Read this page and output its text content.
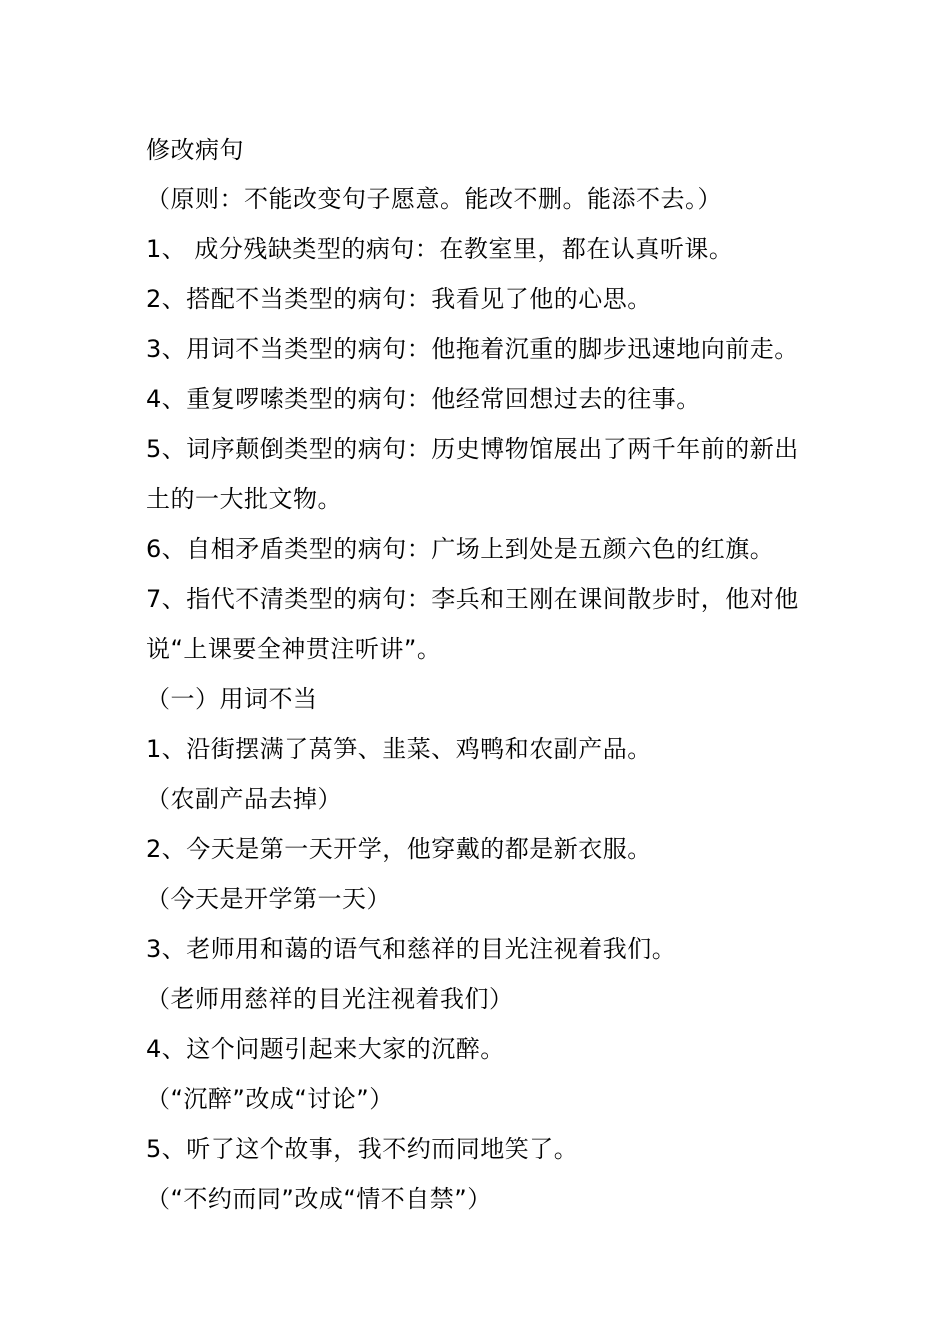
修改病句
（原则：不能改变句子愿意。能改不删。能添不去。）
1、 成分残缺类型的病句：在教室里，都在认真听课。
2、搭配不当类型的病句：我看见了他的心思。
3、用词不当类型的病句：他拖着沉重的脚步迅速地向前走。
4、重复啰嗦类型的病句：他经常回想过去的往事。
5、词序颠倒类型的病句：历史博物馆展出了两千年前的新出
土的一大批文物。
6、自相矛盾类型的病句：广场上到处是五颜六色的红旗。
7、指代不清类型的病句：李兵和王刚在课间散步时，他对他
说“上课要全神贯注听讲”。
（一）用词不当
1、沿街摆满了莴笋、韭菜、鸡鸭和农副产品。
（农副产品去掉）
2、今天是第一天开学，他穿戴的都是新衣服。
（今天是开学第一天）
3、老师用和蔼的语气和慈祥的目光注视着我们。
（老师用慈祥的目光注视着我们）
4、这个问题引起来大家的沉醉。
（“沉醉”改成“讨论”）
5、听了这个故事，我不约而同地笑了。
（“不约而同”改成“情不自禁”）
